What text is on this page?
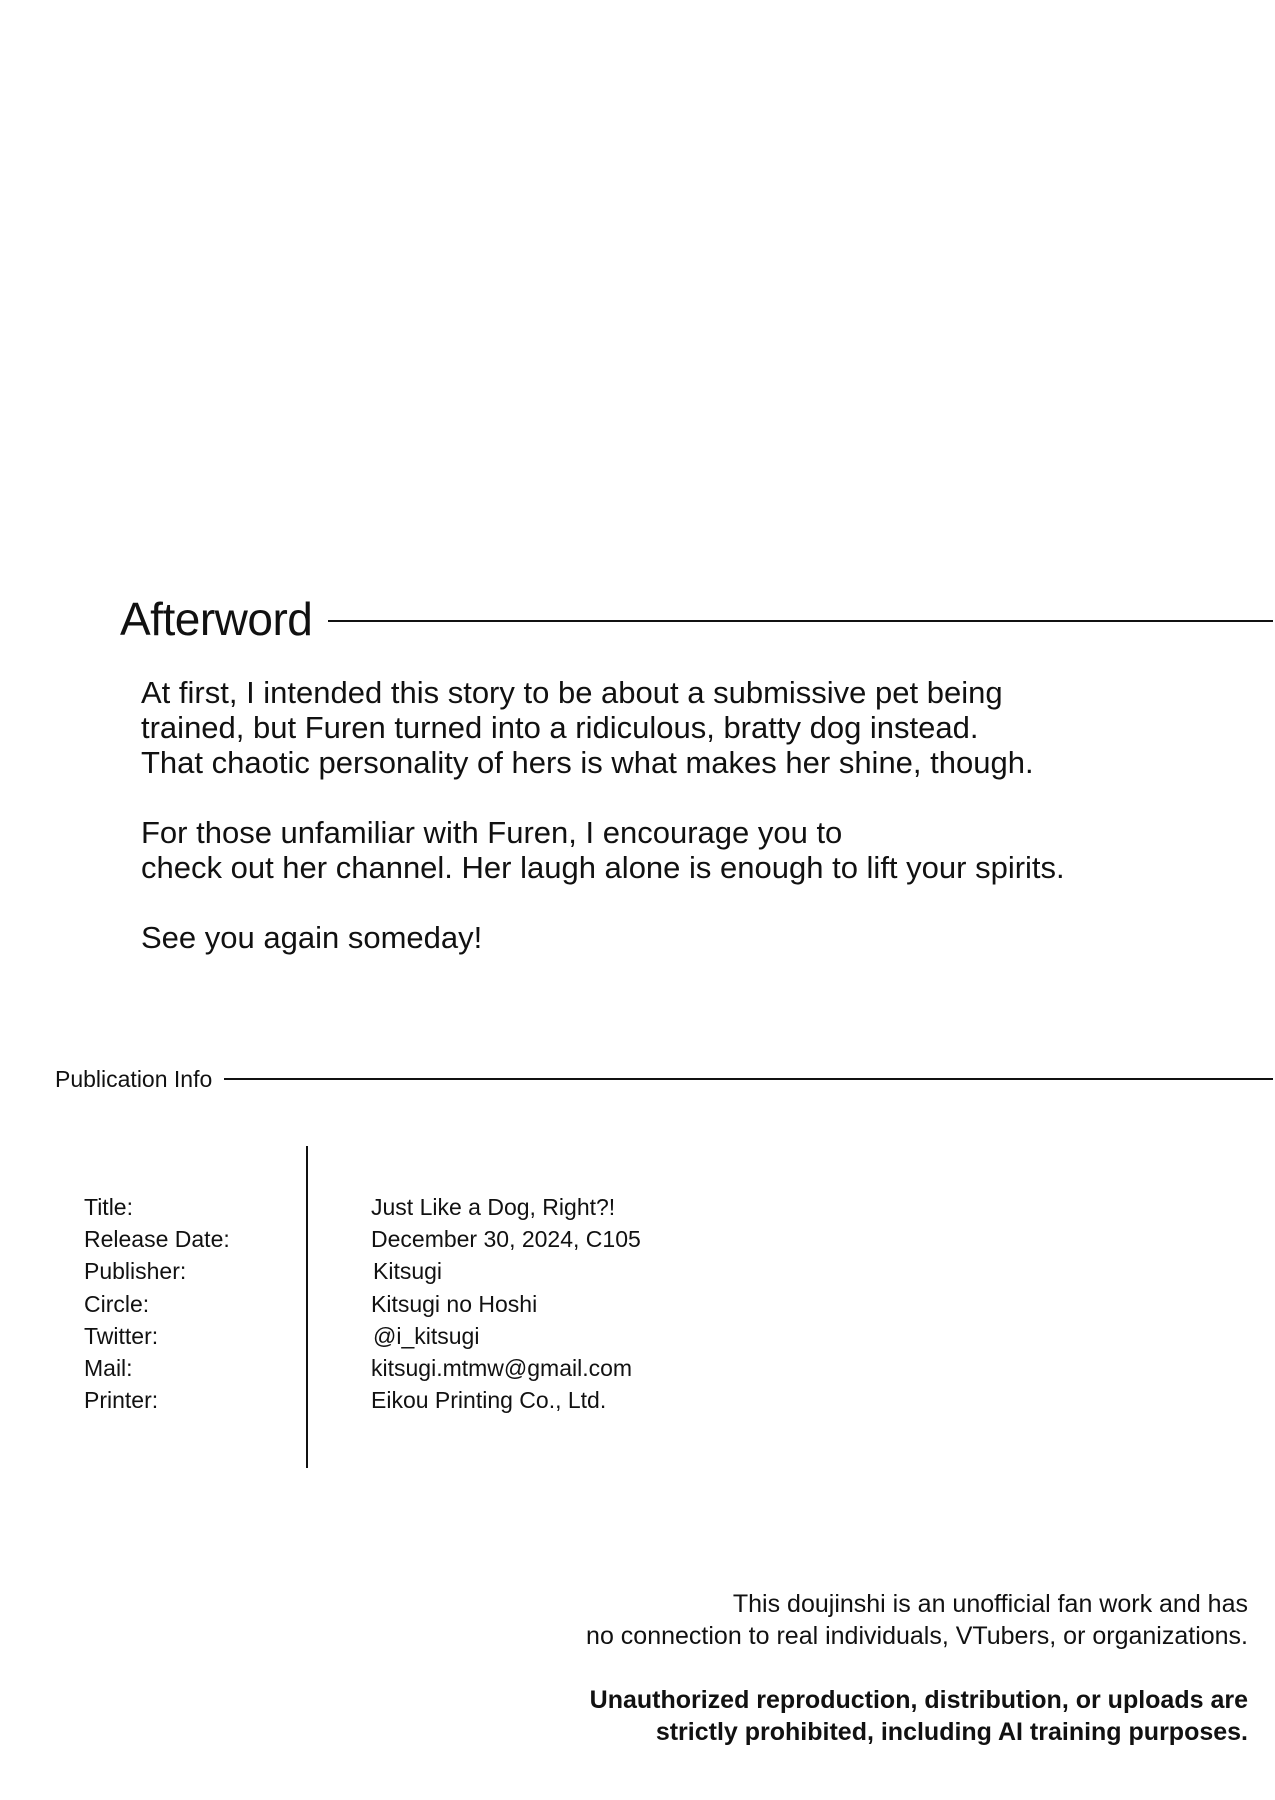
Afterword

At first, I intended this story to be about a submissive pet being
trained, but Furen turned into a ridiculous, bratty dog instead.
That chaotic personality of hers is what makes her shine, though.

For those unfamiliar with Furen, I encourage you to
check out her channel. Her laugh alone is enough to lift your spirits.

See you again someday!

Publication Info
Title:	Just Like a Dog, Right?!
Release Date:	December 30, 2024, C105
Publisher:	Kitsugi
Circle:	Kitsugi no Hoshi
Twitter:	@i_kitsugi
Mail:	kitsugi.mtmw@gmail.com
Printer:	Eikou Printing Co., Ltd.
This doujinshi is an unofficial fan work and has
no connection to real individuals, VTubers, or organizations.
Unauthorized reproduction, distribution, or uploads are
strictly prohibited, including AI training purposes.
